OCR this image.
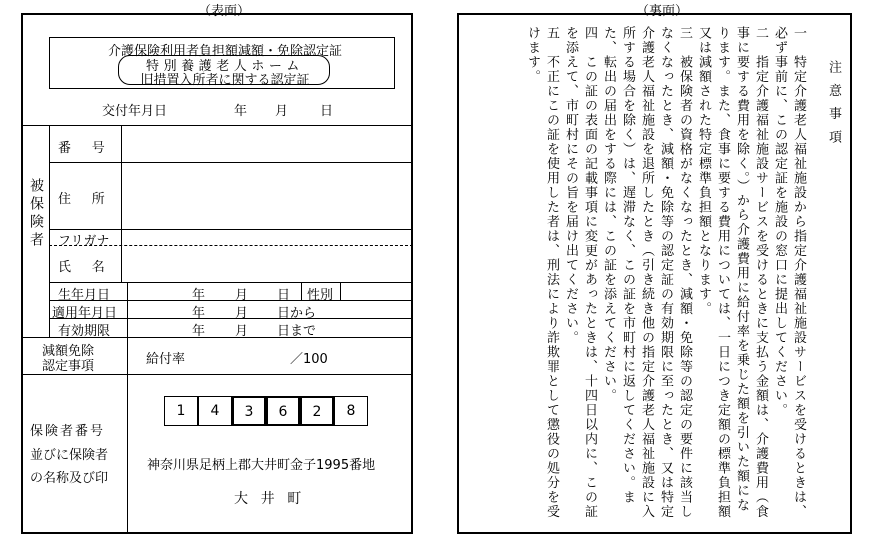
（表面）
介護保険利用者負担額減額・免除認定証
特別養護老人ホーム
旧措置入所者に関する認定証
交付年月日	年 月 日
被保険者
番号
住所
フリガナ
氏名
生年月日	年 月 日 性別
適用年月日	年 月 日から
有効期限	年 月 日まで
減額免除
認定事項	給付率	／100
保険者番号
並びに保険者
の名称及び印
1	4	3	6	2	8
神奈川県足柄上郡大井町金子1995番地
大井町
（裏面）
注意事項

一　特定介護老人福祉施設から指定介護福祉施設サービスを受けるときは、必ず事前に、この認定証を施設の窓口に提出してください。

二　指定介護福祉施設サービスを受けるときに支払う金額は、介護費用（食事に要する費用を除く。）から介護費用に給付率を乗じた額を引いた額になります。また、食事に要する費用については、一日につき定額の標準負担額又は減額された特定標準負担額となります。

三　被保険者の資格がなくなったとき、減額・免除等の認定の要件に該当しなくなったとき、減額・免除等の認定証の有効期限に至ったとき、又は特定介護老人福祉施設を退所したとき（引き続き他の指定介護老人福祉施設に入所する場合を除く）は、遅滞なく、この証を市町村に返してください。また、転出の届出をする際には、この証を添えてください。

四　この証の表面の記載事項に変更があったときは、十四日以内に、この証を添えて、市町村にその旨を届け出てください。

五　不正にこの証を使用した者は、刑法により詐欺罪として懲役の処分を受けます。
